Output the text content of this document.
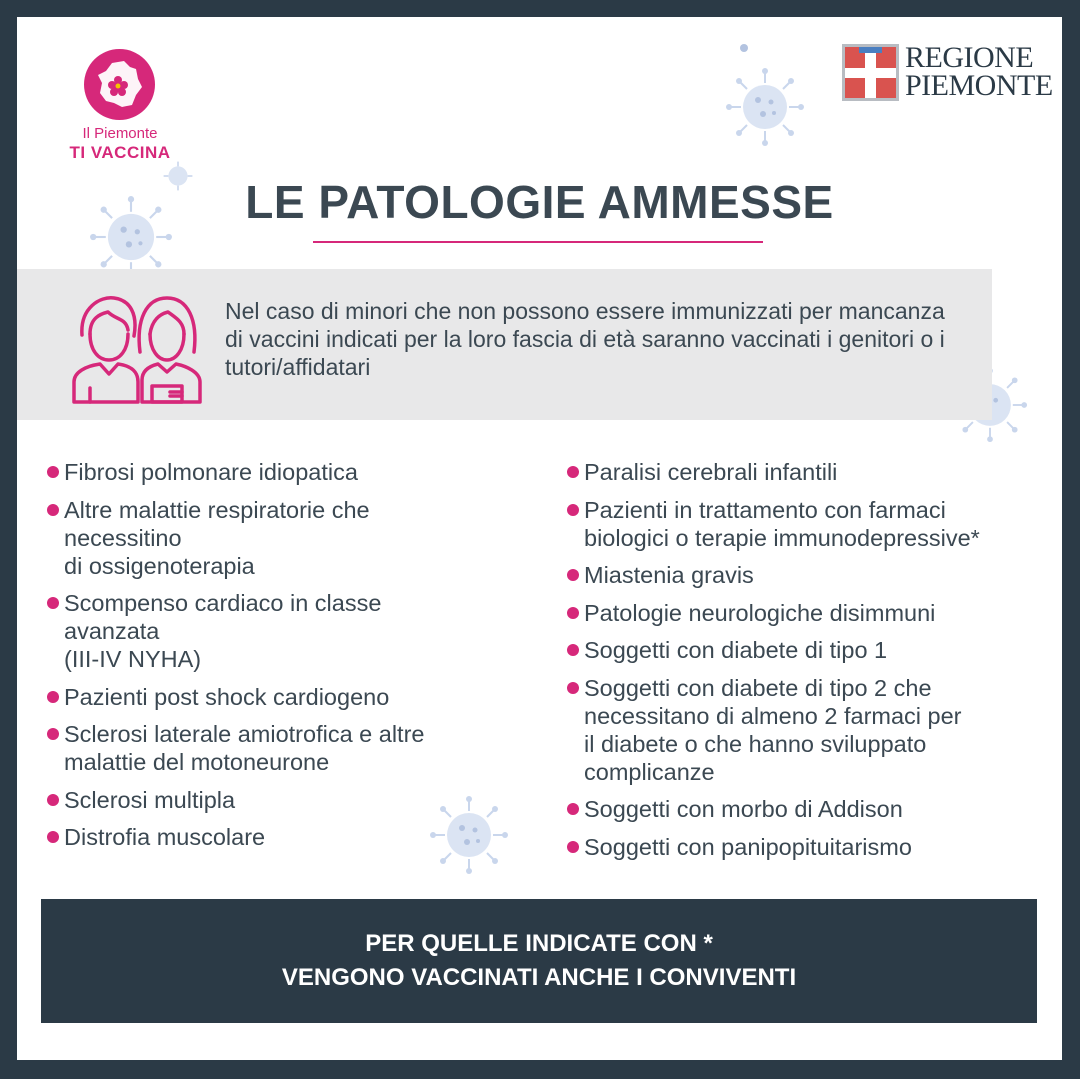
Il Piemonte
TI VACCINA
REGIONE
PIEMONTE
LE PATOLOGIE AMMESSE
Nel caso di minori che non possono essere immunizzati per mancanza di vaccini indicati per la loro fascia di età saranno vaccinati i genitori o i tutori/affidatari
Fibrosi polmonare idiopatica
Altre malattie respiratorie che
necessitino
di ossigenoterapia
Scompenso cardiaco in classe
avanzata
(III-IV NYHA)
Pazienti post shock cardiogeno
Sclerosi laterale amiotrofica e altre
malattie del motoneurone
Sclerosi multipla
Distrofia muscolare
Paralisi cerebrali infantili
Pazienti in trattamento con farmaci
biologici o terapie immunodepressive*
Miastenia gravis
Patologie neurologiche disimmuni
Soggetti con diabete di tipo 1
Soggetti con diabete di tipo 2 che
necessitano di almeno 2 farmaci per
il diabete o che hanno sviluppato
complicanze
Soggetti con morbo di Addison
Soggetti con panipopituitarismo
PER QUELLE INDICATE CON *
VENGONO VACCINATI ANCHE I CONVIVENTI
